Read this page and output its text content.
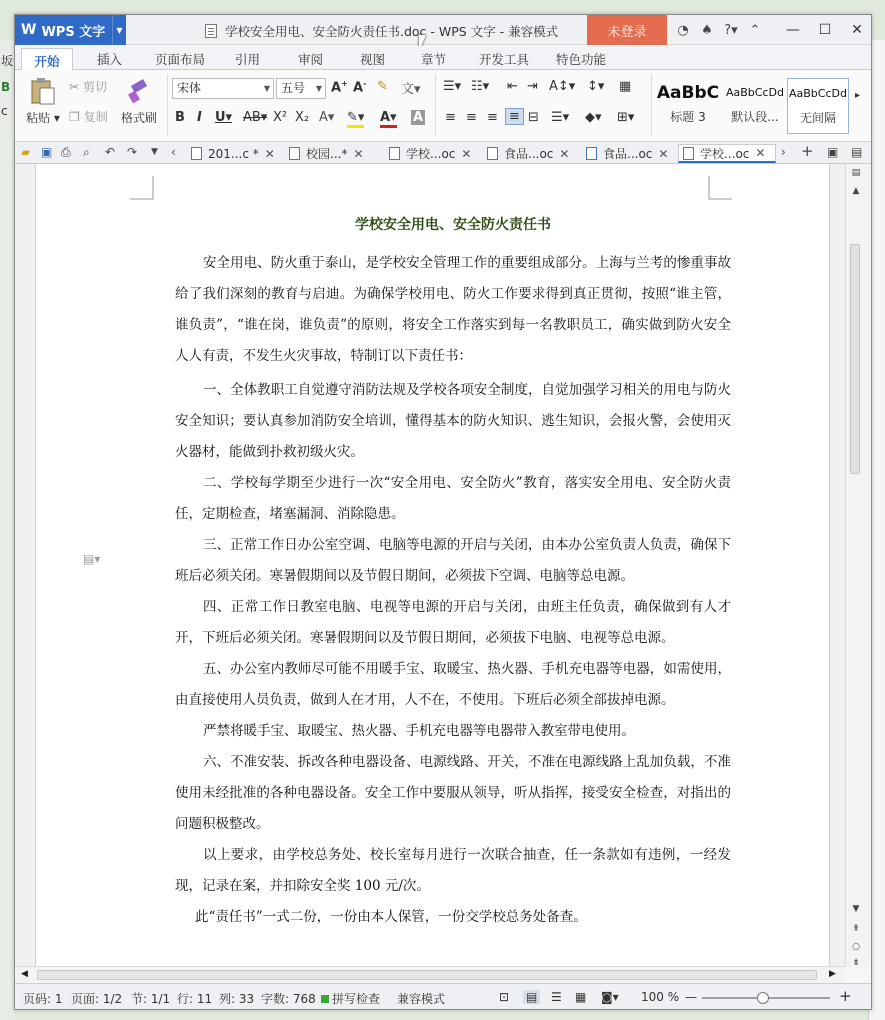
坂
B
c
W WPS 文字	▼	学校安全用电、安全防火责任书.doc - WPS 文字 - 兼容模式	未登录	◔ ♠ ?▾ ⌃	—	☐	✕
开始	插入	页面布局 引用	审阅	视图	章节	开发工具 特色功能
粘贴 ▾
✂ 剪切
❐ 复制 格式刷
宋体	▼ 五号 ▼ A+ A- ✎ 文▾
B I U▾ AB▾ X² X₂ A▾ ✎▾ A▾ A
☰▾ ☷▾ ⇤ ⇥ A↕▾ ↕▾ ▦
≡ ≡ ≡ ≡ ⊟ ☰▾ ◆▾ ⊞▾
AaBbC
标题 3
AaBbCcDd
默认段...
AaBbCcDd
无间隔
▸
▰ ▣ ⎙ ⌕ ↶ ↷ ▼ ‹	201...c * ✕	校园...* ✕	学校...oc ✕	食品...oc ✕	食品...oc ✕	学校...oc ✕ › + ▣ ▤
学校安全用电、安全防火责任书

安全用电、防火重于泰山，是学校安全管理工作的重要组成部分。上海与兰考的惨重事故给了我们深刻的教育与启迪。为确保学校用电、防火工作要求得到真正贯彻，按照“谁主管，谁负责”，“谁在岗，谁负责”的原则，将安全工作落实到每一名教职员工，确实做到防火安全人人有责，不发生火灾事故，特制订以下责任书：

一、全体教职工自觉遵守消防法规及学校各项安全制度，自觉加强学习相关的用电与防火安全知识；要认真参加消防安全培训，懂得基本的防火知识、逃生知识，会报火警，会使用灭火器材，能做到扑救初级火灾。

二、学校每学期至少进行一次“安全用电、安全防火”教育，落实安全用电、安全防火责任，定期检查，堵塞漏洞、消除隐患。

三、正常工作日办公室空调、电脑等电源的开启与关闭，由本办公室负责人负责，确保下班后必须关闭。寒暑假期间以及节假日期间，必须拔下空调、电脑等总电源。

四、正常工作日教室电脑、电视等电源的开启与关闭，由班主任负责，确保做到有人才开，下班后必须关闭。寒暑假期间以及节假日期间，必须拔下电脑、电视等总电源。

五、办公室内教师尽可能不用暖手宝、取暖宝、热火器、手机充电器等电器，如需使用，由直接使用人员负责，做到人在才用，人不在，不使用。下班后必须全部拔掉电源。

严禁将暖手宝、取暖宝、热火器、手机充电器等电器带入教室带电使用。

六、不准安装、拆改各种电器设备、电源线路、开关，不准在电源线路上乱加负载，不准使用未经批准的各种电器设备。安全工作中要服从领导，听从指挥，接受安全检查，对指出的问题积极整改。

以上要求，由学校总务处、校长室每月进行一次联合抽查，任一条款如有违例，一经发现，记录在案，并扣除安全奖 100 元/次。

此“责任书”一式二份，一份由本人保管，一份交学校总务处备查。

▤▾
▤
▲
▼
⇞
○
⇟
◀	▶
页码: 1 页面: 1/2 节: 1/1 行: 11 列: 33 字数: 768	拼写检查 兼容模式	⊡ ▤ ☰ ▦ ◙▾ 100 % —	+
